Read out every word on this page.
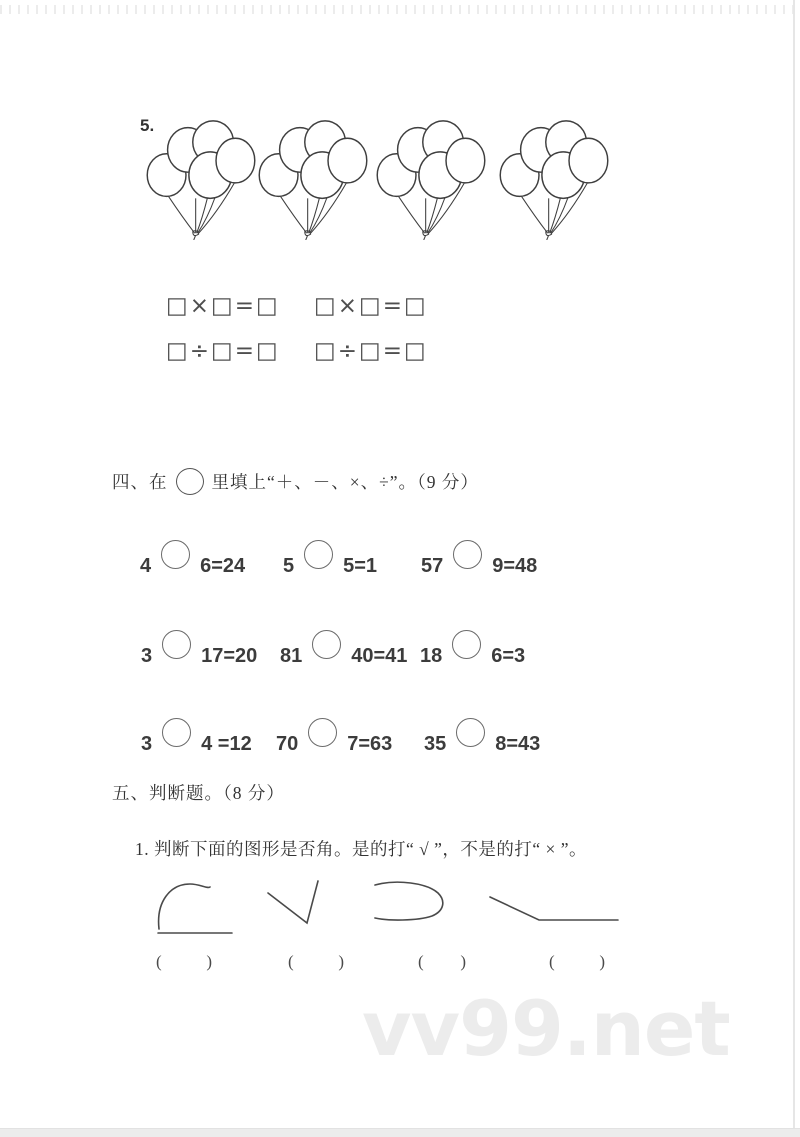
5.
□×□=□ □×□=□
□÷□=□ □÷□=□
四、在	里填上“＋、－、×、÷”。（9 分）
4 6=24 5 5=1 57 9=48
3 17=20 81 40=41 18 6=3
3 4 =12 70 7=63 35 8=43
五、判断题。（8 分）
1. 判断下面的图形是否角。是的打“ √ ”，不是的打“ × ”。
(	)	(	)	( )	(	)
vv99.net
